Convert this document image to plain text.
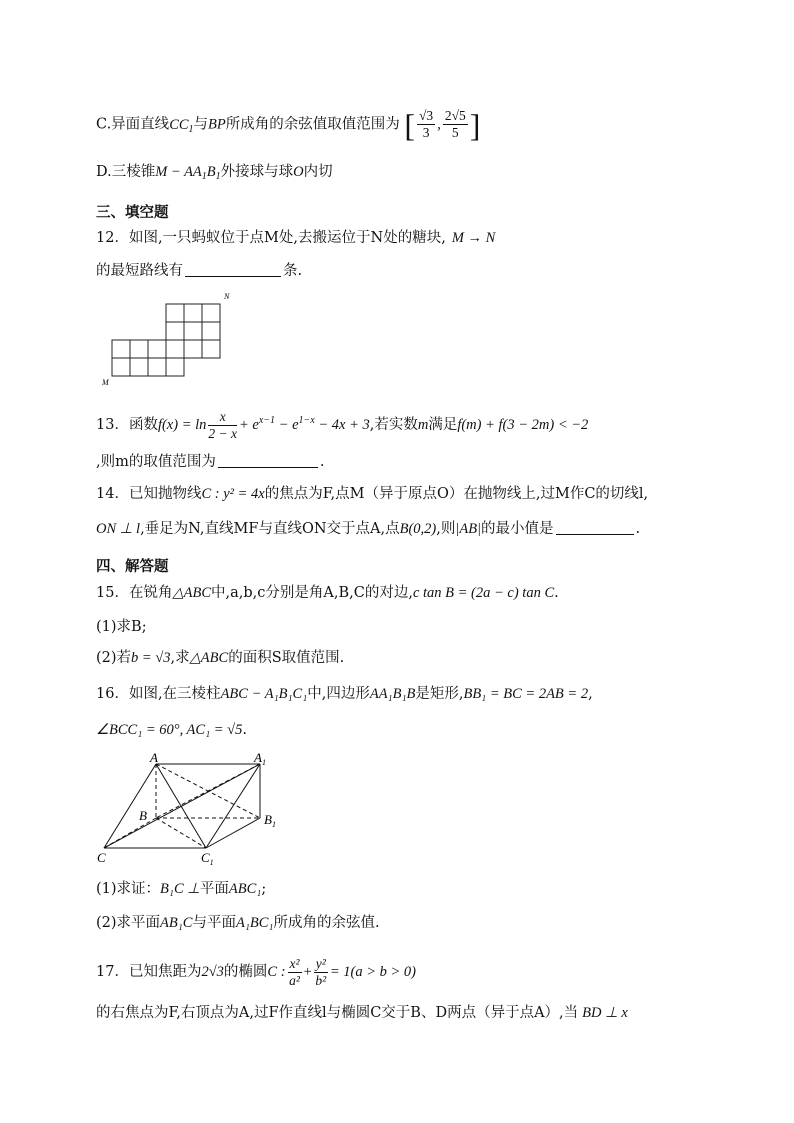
C.异面直线$CC_1$与BP所成角的余弦值取值范围为 [ $\frac{√3}{3}$ , $\frac{2√5}{5}$ ]
D.三棱锥$M - AA_1B_1$外接球与球O内切
三、填空题
12．如图,一只蚂蚁位于点M处,去搬运位于N处的糖块, M → N
的最短路线有	条.
N
M
13．函数$f(x) = \ln \frac{x}{2 - x} + e^{x-1} - e^{1-x} - 4x + 3$,若实数m满足f(m) + f(3 − 2m) < −2
,则m的取值范围为	.
14．已知抛物线C : y² = 4x的焦点为F,点M（异于原点O）在抛物线上,过M作C的切线l,
ON ⊥ l,垂足为N,直线MF与直线ON交于点A,点B(0,2),则|AB|的最小值是	.
四、解答题
15．在锐角△ABC中,a,b,c分别是角A,B,C的对边,c tan B = (2a − c) tan C.
(1)求B;
(2)若b = √3,求△ABC的面积S取值范围.
16．如图,在三棱柱ABC − A₁B₁C₁中,四边形AA₁B₁B是矩形,BB₁ = BC = 2AB = 2,
∠BCC₁ = 60°, AC₁ = √5.
A	$A_1$
B	$B_1$
C	$C_1$
(1)求证：B₁C ⊥平面ABC₁;
(2)求平面AB₁C与平面A₁BC₁所成角的余弦值.
17．已知焦距为2√3的椭圆C : $\frac{\text{x²}}{\text{a²}} + \frac{\text{y²}}{\text{b²}} = 1(a > b > 0)$
的右焦点为F,右顶点为A,过F作直线l与椭圆C交于B、D两点（异于点A）,当 BD ⊥ x
